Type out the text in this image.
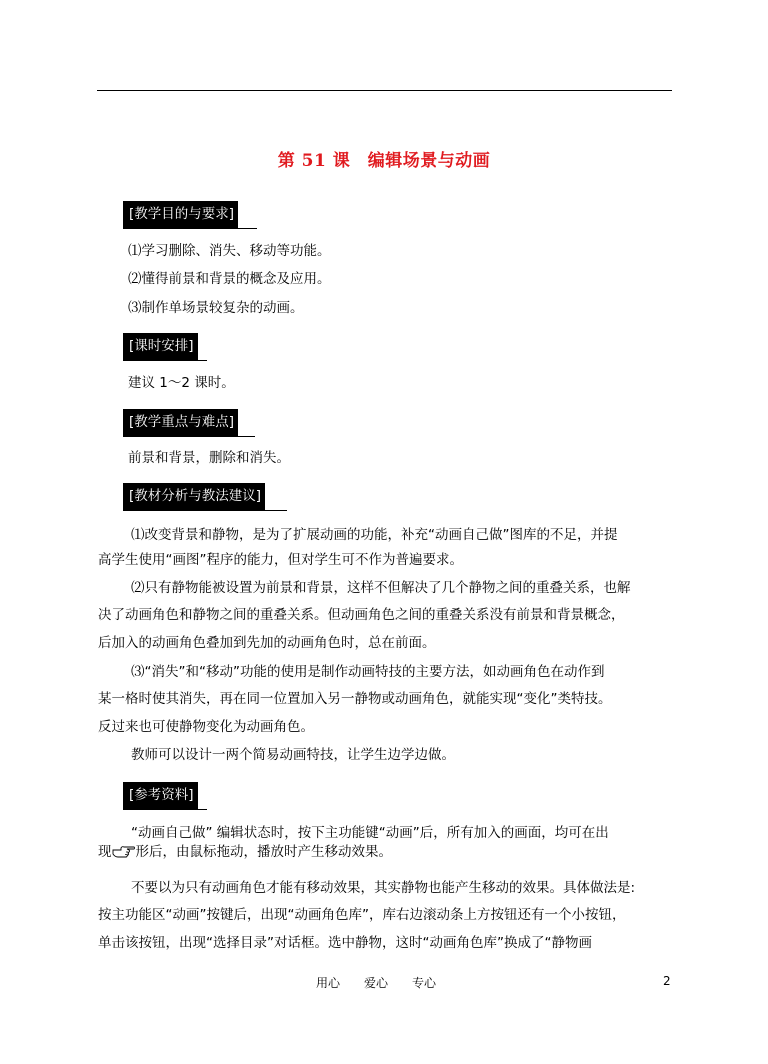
第 51 课　编辑场景与动画
[教学目的与要求]
⑴学习删除、消失、移动等功能。
⑵懂得前景和背景的概念及应用。
⑶制作单场景较复杂的动画。
[课时安排]
建议 1～2 课时。
[教学重点与难点]
前景和背景，删除和消失。
[教材分析与教法建议]
⑴改变背景和静物，是为了扩展动画的功能，补充“动画自己做”图库的不足，并提
高学生使用“画图”程序的能力，但对学生可不作为普遍要求。
⑵只有静物能被设置为前景和背景，这样不但解决了几个静物之间的重叠关系，也解
决了动画角色和静物之间的重叠关系。但动画角色之间的重叠关系没有前景和背景概念，
后加入的动画角色叠加到先加的动画角色时，总在前面。
⑶“消失”和“移动”功能的使用是制作动画特技的主要方法，如动画角色在动作到
某一格时使其消失，再在同一位置加入另一静物或动画角色，就能实现“变化”类特技。
反过来也可使静物变化为动画角色。
教师可以设计一两个简易动画特技，让学生边学边做。
[参考资料]
“动画自己做” 编辑状态时，按下主功能键“动画”后，所有加入的画面，均可在出
现 形后，由鼠标拖动，播放时产生移动效果。
不要以为只有动画角色才能有移动效果，其实静物也能产生移动的效果。具体做法是:
按主功能区“动画”按键后，出现“动画角色库”，库右边滚动条上方按钮还有一个小按钮，
单击该按钮，出现“选择目录”对话框。选中静物，这时“动画角色库”换成了“静物画
用心　　爱心　　专心	2
